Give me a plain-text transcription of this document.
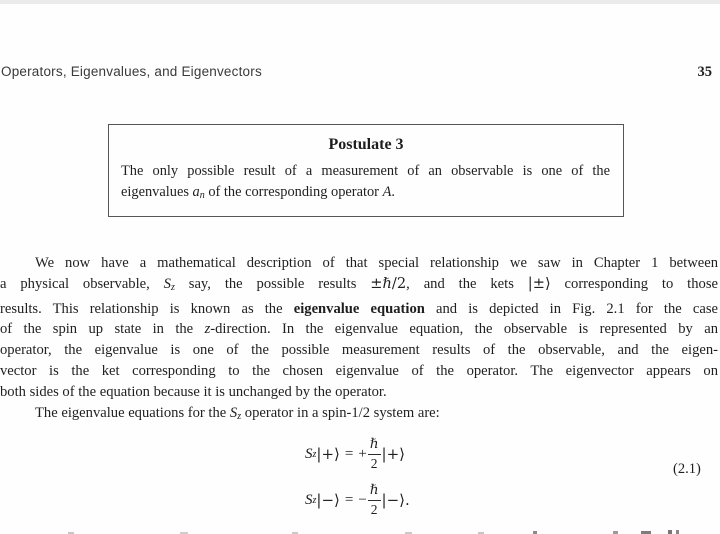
Operators, Eigenvalues, and Eigenvectors	35
Postulate 3
The only possible result of a measurement of an observable is one of the
eigenvalues an of the corresponding operator A.
We now have a mathematical description of that special relationship we saw in Chapter 1 between
a physical observable, Sz say, the possible results ±ℏ/2, and the kets |±⟩ corresponding to those
results. This relationship is known as the eigenvalue equation and is depicted in Fig. 2.1 for the case
of the spin up state in the z-direction. In the eigenvalue equation, the observable is represented by an
operator, the eigenvalue is one of the possible measurement results of the observable, and the eigen-
vector is the ket corresponding to the chosen eigenvalue of the operator. The eigenvector appears on
both sides of the equation because it is unchanged by the operator.
The eigenvalue equations for the Sz operator in a spin-1/2 system are:
S z |+⟩ = + $\frac{\text{ℏ}}{2}$ |+⟩
S z |−⟩ = − $\frac{\text{ℏ}}{2}$ |−⟩.
(2.1)
